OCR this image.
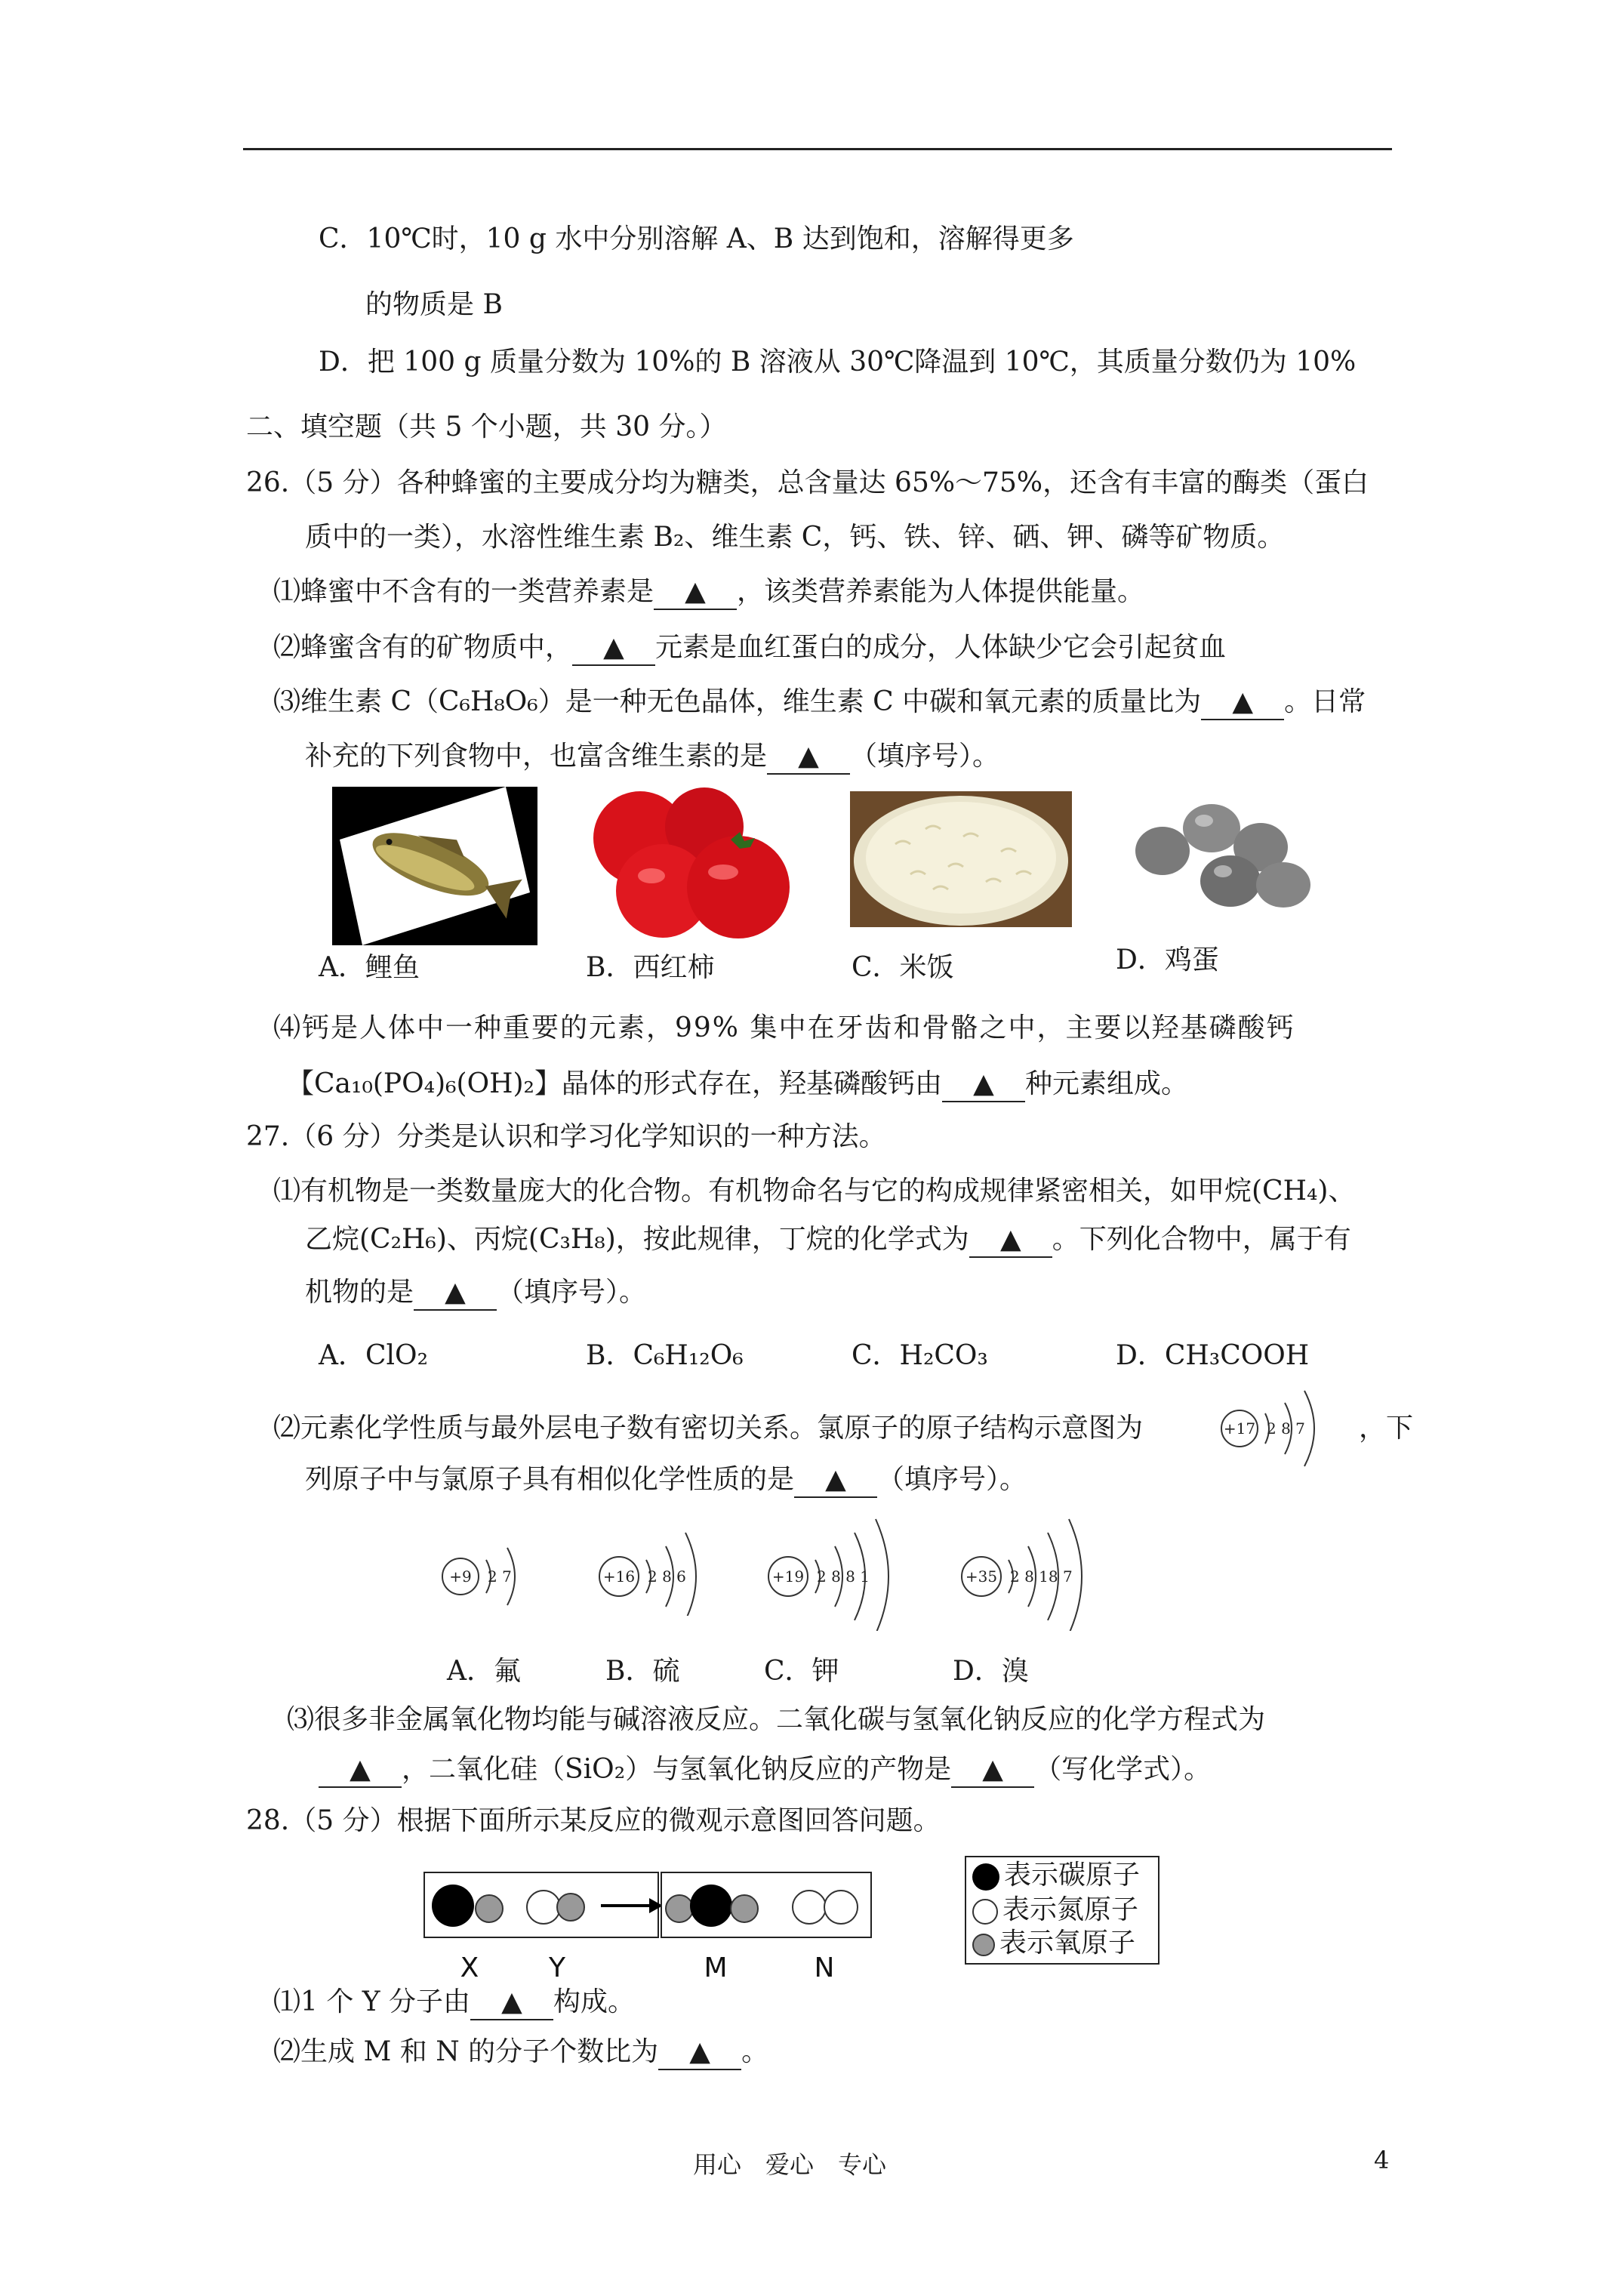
C．10℃时，10 g 水中分别溶解 A、B 达到饱和，溶解得更多
的物质是 B
D．把 100 g 质量分数为 10%的 B 溶液从 30℃降温到 10℃，其质量分数仍为 10%
二、填空题（共 5 个小题，共 30 分。）
26.（5 分）各种蜂蜜的主要成分均为糖类，总含量达 65%～75%，还含有丰富的酶类（蛋白
质中的一类），水溶性维生素 B₂、维生素 C，钙、铁、锌、硒、钾、磷等矿物质。
⑴蜂蜜中不含有的一类营养素是 ▲ ，该类营养素能为人体提供能量。
⑵蜂蜜含有的矿物质中， ▲ 元素是血红蛋白的成分，人体缺少它会引起贫血
⑶维生素 C（C₆H₈O₆）是一种无色晶体，维生素 C 中碳和氧元素的质量比为 ▲ 。日常
补充的下列食物中，也富含维生素的是 ▲ （填序号）。
A．鲤鱼	B．西红柿	C．米饭	D．鸡蛋
⑷钙是人体中一种重要的元素，99% 集中在牙齿和骨骼之中，主要以羟基磷酸钙
【Ca₁₀(PO₄)₆(OH)₂】晶体的形式存在，羟基磷酸钙由 ▲ 种元素组成。
27.（6 分）分类是认识和学习化学知识的一种方法。
⑴有机物是一类数量庞大的化合物。有机物命名与它的构成规律紧密相关，如甲烷(CH₄)、
乙烷(C₂H₆)、丙烷(C₃H₈)，按此规律，丁烷的化学式为 ▲ 。下列化合物中，属于有
机物的是 ▲ （填序号）。
A．ClO₂	B．C₆H₁₂O₆	C．H₂CO₃	D．CH₃COOH
⑵元素化学性质与最外层电子数有密切关系。氯原子的原子结构示意图为	，下
+17 2 8 7
列原子中与氯原子具有相似化学性质的是 ▲ （填序号）。
+9 2 7	+16 2 8 6	+19 2 8 8 1	+35 2 8 18 7
A．氟	B．硫	C．钾	D．溴
⑶很多非金属氧化物均能与碱溶液反应。二氧化碳与氢氧化钠反应的化学方程式为
▲ ，二氧化硅（SiO₂）与氢氧化钠反应的产物是 ▲ （写化学式）。
28.（5 分）根据下面所示某反应的微观示意图回答问题。
X	Y	M	N
表示碳原子
表示氮原子
表示氧原子
⑴1 个 Y 分子由 ▲ 构成。
⑵生成 M 和 N 的分子个数比为 ▲ 。
用心　爱心　专心	4
